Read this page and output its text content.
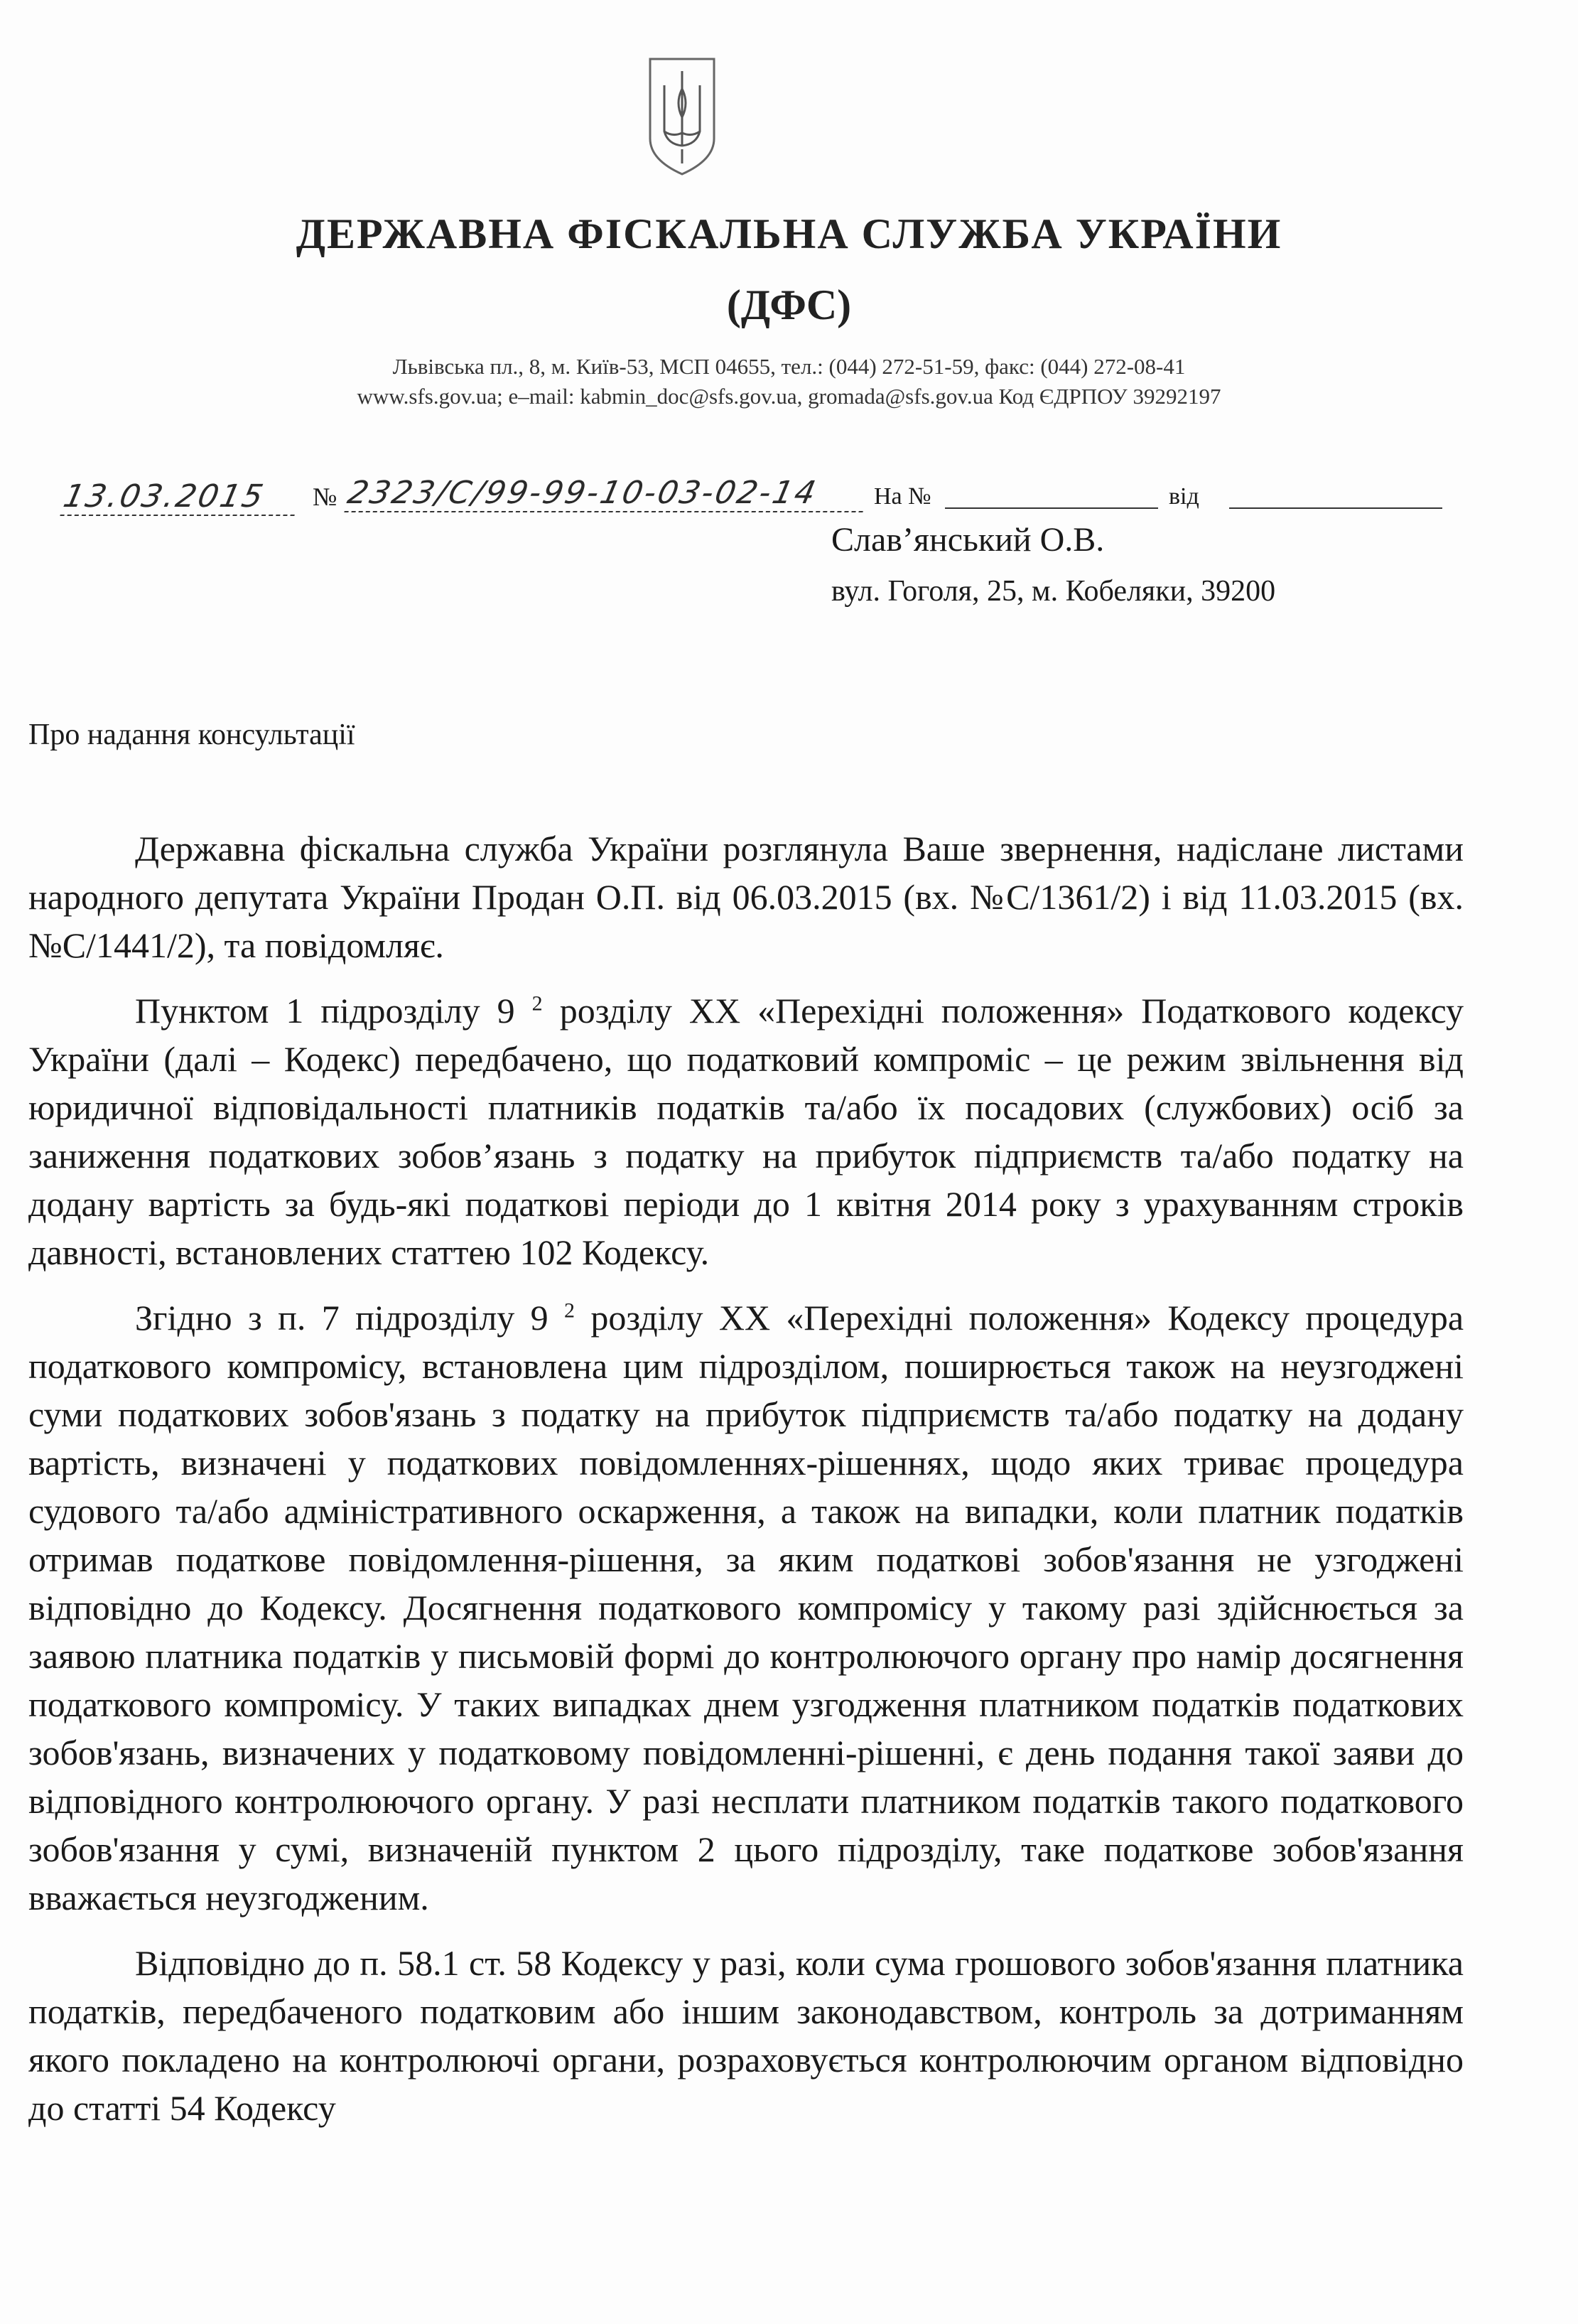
ДЕРЖАВНА ФІСКАЛЬНА СЛУЖБА УКРАЇНИ
(ДФС)
Львівська пл., 8, м. Київ-53, МСП 04655, тел.: (044) 272-51-59, факс: (044) 272-08-41
www.sfs.gov.ua; e–mail: kabmin_doc@sfs.gov.ua, gromada@sfs.gov.ua Код ЄДРПОУ 39292197
13.03.2015	№ 2323/С/99-99-10-03-02-14	На №	від
Слав’янський О.В.
вул. Гоголя, 25, м. Кобеляки, 39200
Про надання консультації

Державна фіскальна служба України розглянула Ваше звернення, надіслане листами народного депутата України Продан О.П. від 06.03.2015 (вх. №С/1361/2) і від 11.03.2015 (вх. №С/1441/2), та повідомляє.

Пунктом 1 підрозділу 9 $^2$ розділу XX «Перехідні положення» Податкового кодексу України (далі – Кодекс) передбачено, що податковий компроміс – це режим звільнення від юридичної відповідальності платників податків та/або їх посадових (службових) осіб за заниження податкових зобов’язань з податку на прибуток підприємств та/або податку на додану вартість за будь-які податкові періоди до 1 квітня 2014 року з урахуванням строків давності, встановлених статтею 102 Кодексу.

Згідно з п. 7 підрозділу 9 $^2$ розділу XX «Перехідні положення» Кодексу процедура податкового компромісу, встановлена цим підрозділом, поширюється також на неузгоджені суми податкових зобов'язань з податку на прибуток підприємств та/або податку на додану вартість, визначені у податкових повідомленнях-рішеннях, щодо яких триває процедура судового та/або адміністративного оскарження, а також на випадки, коли платник податків отримав податкове повідомлення-рішення, за яким податкові зобов'язання не узгоджені відповідно до Кодексу. Досягнення податкового компромісу у такому разі здійснюється за заявою платника податків у письмовій формі до контролюючого органу про намір досягнення податкового компромісу. У таких випадках днем узгодження платником податків податкових зобов'язань, визначених у податковому повідомленні-рішенні, є день подання такої заяви до відповідного контролюючого органу. У разі несплати платником податків такого податкового зобов'язання у сумі, визначеній пунктом 2 цього підрозділу, таке податкове зобов'язання вважається неузгодженим.

Відповідно до п. 58.1 ст. 58 Кодексу у разі, коли сума грошового зобов'язання платника податків, передбаченого податковим або іншим законодавством, контроль за дотриманням якого покладено на контролюючі органи, розраховується контролюючим органом відповідно до статті 54 Кодексу
